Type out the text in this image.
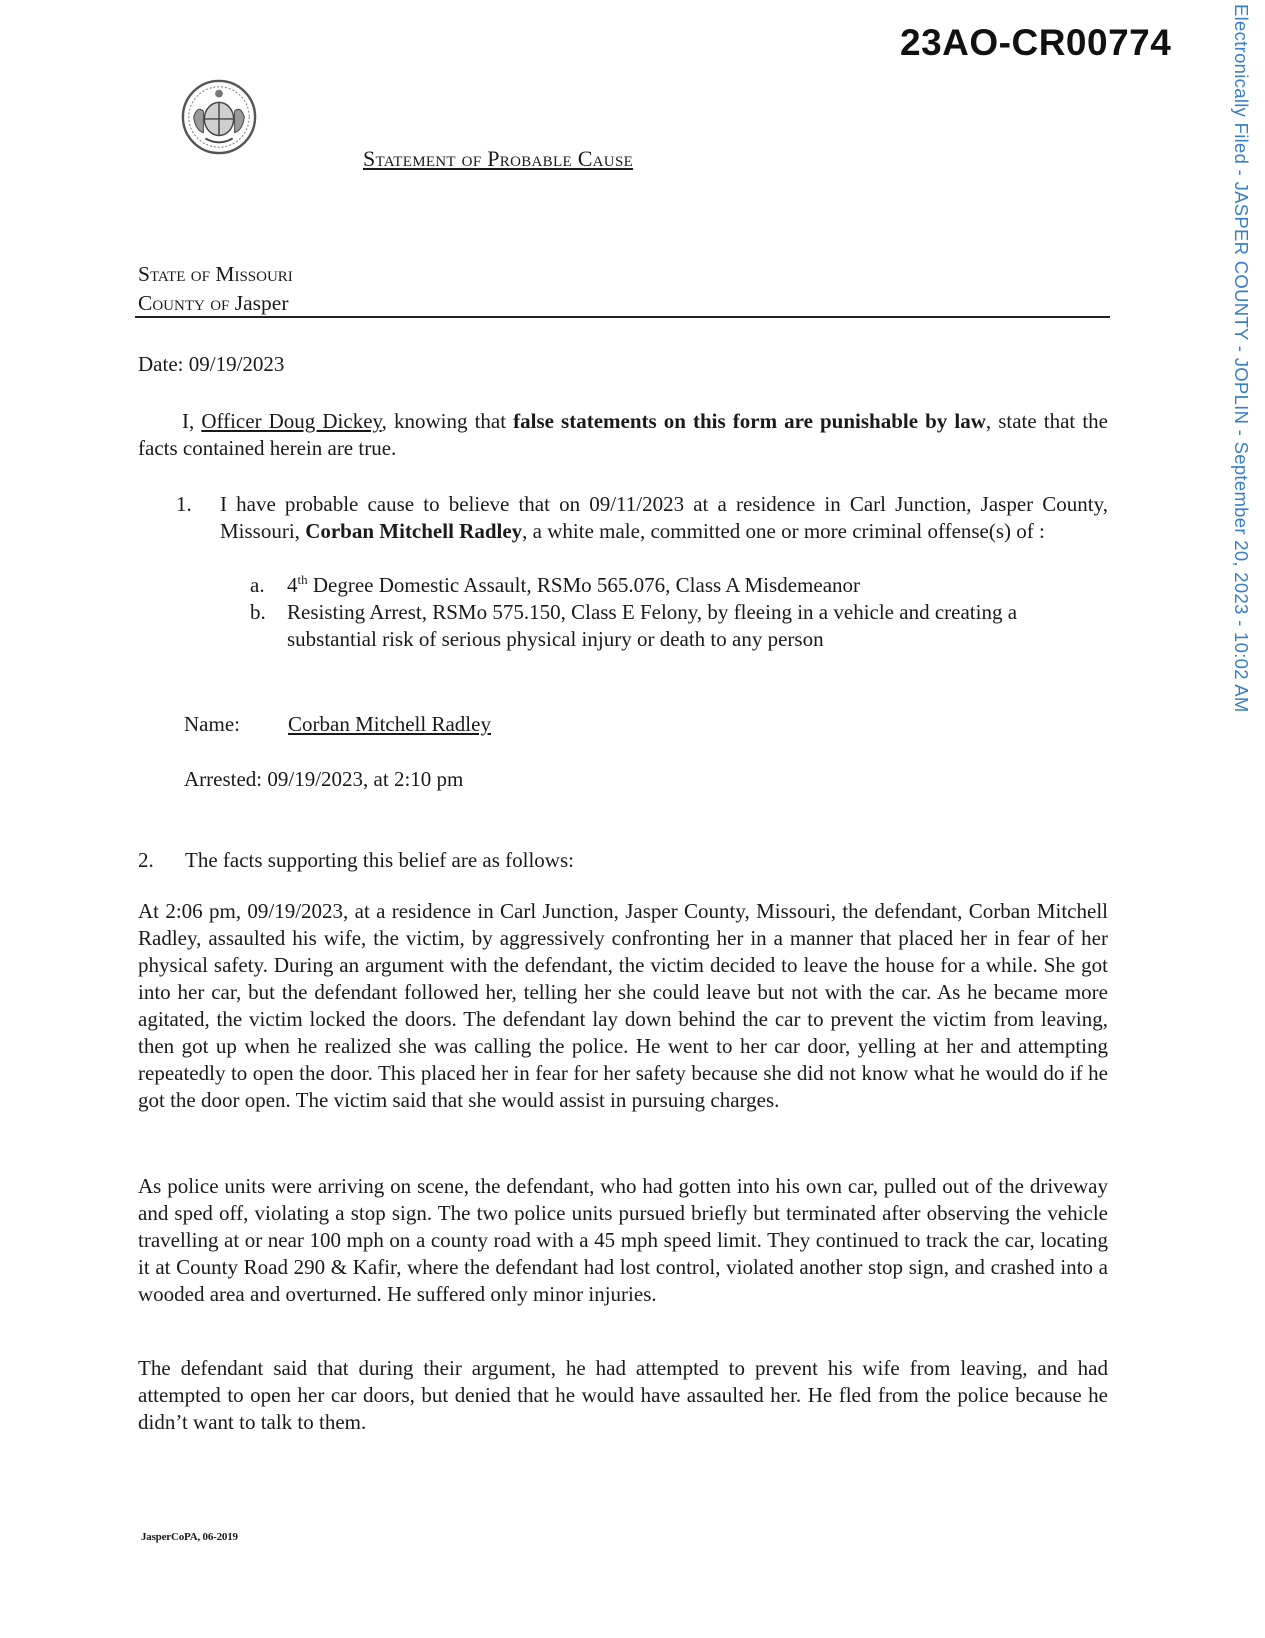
23AO-CR00774	Electronically Filed - JASPER COUNTY - JOPLIN - September 20, 2023 - 10:02 AM
Statement of Probable Cause
State of Missouri
County of Jasper
Date: 09/19/2023
I, Officer Doug Dickey, knowing that false statements on this form are punishable by law, state that the facts contained herein are true.
1. I have probable cause to believe that on 09/11/2023 at a residence in Carl Junction, Jasper County, Missouri, Corban Mitchell Radley, a white male, committed one or more criminal offense(s) of :
a. 4th Degree Domestic Assault, RSMo 565.076, Class A Misdemeanor
b. Resisting Arrest, RSMo 575.150, Class E Felony, by fleeing in a vehicle and creating a substantial risk of serious physical injury or death to any person
Name: Corban Mitchell Radley
Arrested: 09/19/2023, at 2:10 pm
2. The facts supporting this belief are as follows:
At 2:06 pm, 09/19/2023, at a residence in Carl Junction, Jasper County, Missouri, the defendant, Corban Mitchell Radley, assaulted his wife, the victim, by aggressively confronting her in a manner that placed her in fear of her physical safety. During an argument with the defendant, the victim decided to leave the house for a while. She got into her car, but the defendant followed her, telling her she could leave but not with the car. As he became more agitated, the victim locked the doors. The defendant lay down behind the car to prevent the victim from leaving, then got up when he realized she was calling the police. He went to her car door, yelling at her and attempting repeatedly to open the door. This placed her in fear for her safety because she did not know what he would do if he got the door open. The victim said that she would assist in pursuing charges.
As police units were arriving on scene, the defendant, who had gotten into his own car, pulled out of the driveway and sped off, violating a stop sign. The two police units pursued briefly but terminated after observing the vehicle travelling at or near 100 mph on a county road with a 45 mph speed limit. They continued to track the car, locating it at County Road 290 & Kafir, where the defendant had lost control, violated another stop sign, and crashed into a wooded area and overturned. He suffered only minor injuries.
The defendant said that during their argument, he had attempted to prevent his wife from leaving, and had attempted to open her car doors, but denied that he would have assaulted her. He fled from the police because he didn’t want to talk to them.
JasperCoPA, 06-2019
